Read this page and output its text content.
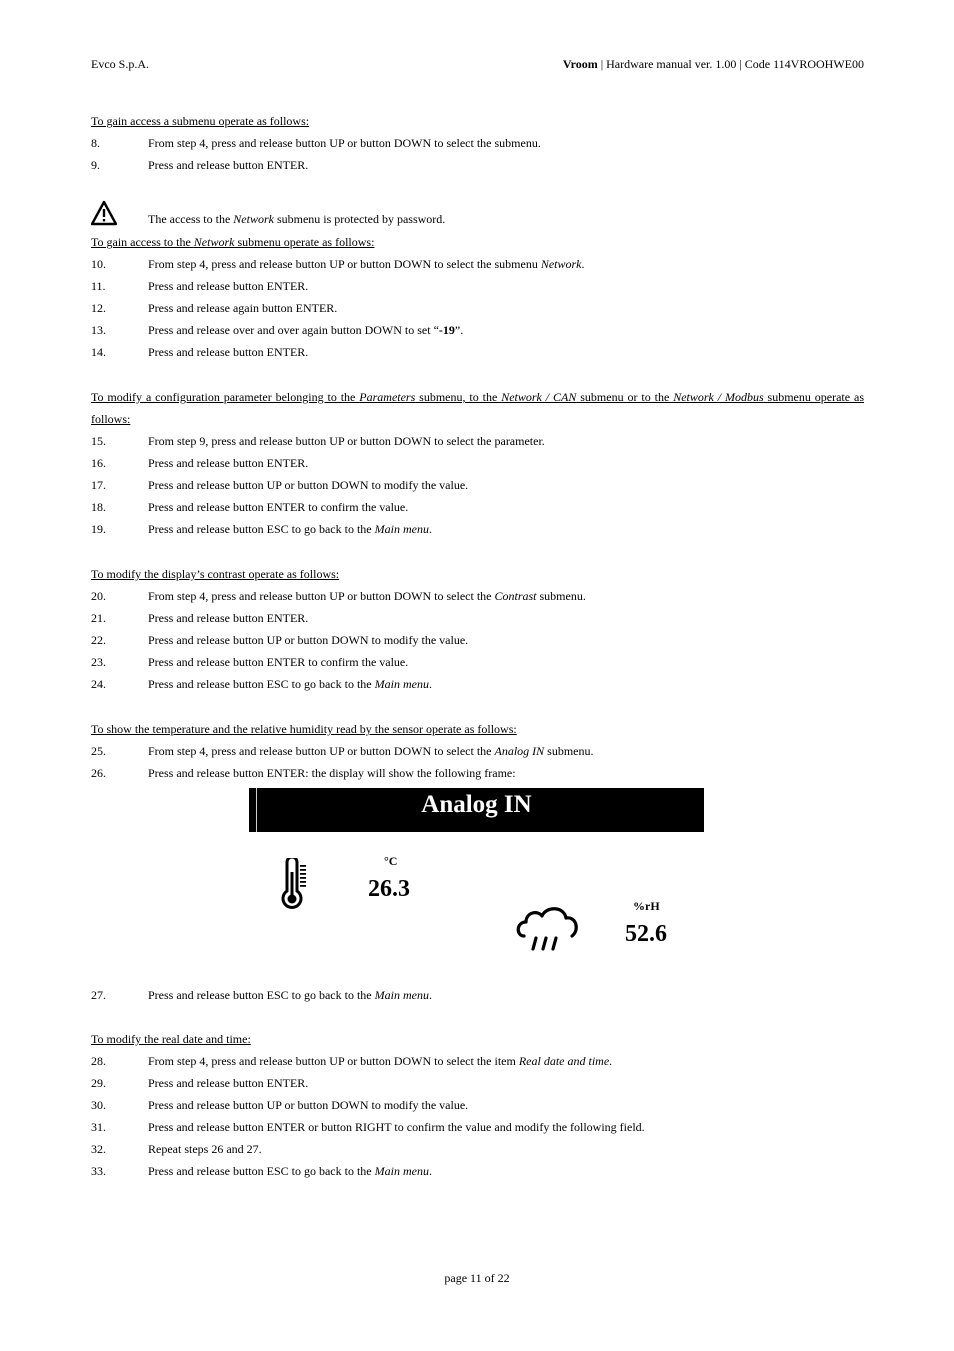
Evco S.p.A.	Vroom | Hardware manual ver. 1.00 | Code 114VROOHWE00
To gain access a submenu operate as follows:
8.	From step 4, press and release button UP or button DOWN to select the submenu.
9.	Press and release button ENTER.
The access to the Network submenu is protected by password.
To gain access to the Network submenu operate as follows:
10.	From step 4, press and release button UP or button DOWN to select the submenu Network.
11.	Press and release button ENTER.
12.	Press and release again button ENTER.
13.	Press and release over and over again button DOWN to set “-19”.
14.	Press and release button ENTER.
To modify a configuration parameter belonging to the Parameters submenu, to the Network / CAN submenu or to the Network / Modbus submenu operate as follows:
15.	From step 9, press and release button UP or button DOWN to select the parameter.
16.	Press and release button ENTER.
17.	Press and release button UP or button DOWN to modify the value.
18.	Press and release button ENTER to confirm the value.
19.	Press and release button ESC to go back to the Main menu.
To modify the display’s contrast operate as follows:
20.	From step 4, press and release button UP or button DOWN to select the Contrast submenu.
21.	Press and release button ENTER.
22.	Press and release button UP or button DOWN to modify the value.
23.	Press and release button ENTER to confirm the value.
24.	Press and release button ESC to go back to the Main menu.
To show the temperature and the relative humidity read by the sensor operate as follows:
25.	From step 4, press and release button UP or button DOWN to select the Analog IN submenu.
26.	Press and release button ENTER: the display will show the following frame:
Analog IN
°C
26.3
%rH
52.6
27.	Press and release button ESC to go back to the Main menu.
To modify the real date and time:
28.	From step 4, press and release button UP or button DOWN to select the item Real date and time.
29.	Press and release button ENTER.
30.	Press and release button UP or button DOWN to modify the value.
31.	Press and release button ENTER or button RIGHT to confirm the value and modify the following field.
32.	Repeat steps 26 and 27.
33.	Press and release button ESC to go back to the Main menu.
page 11 of 22
